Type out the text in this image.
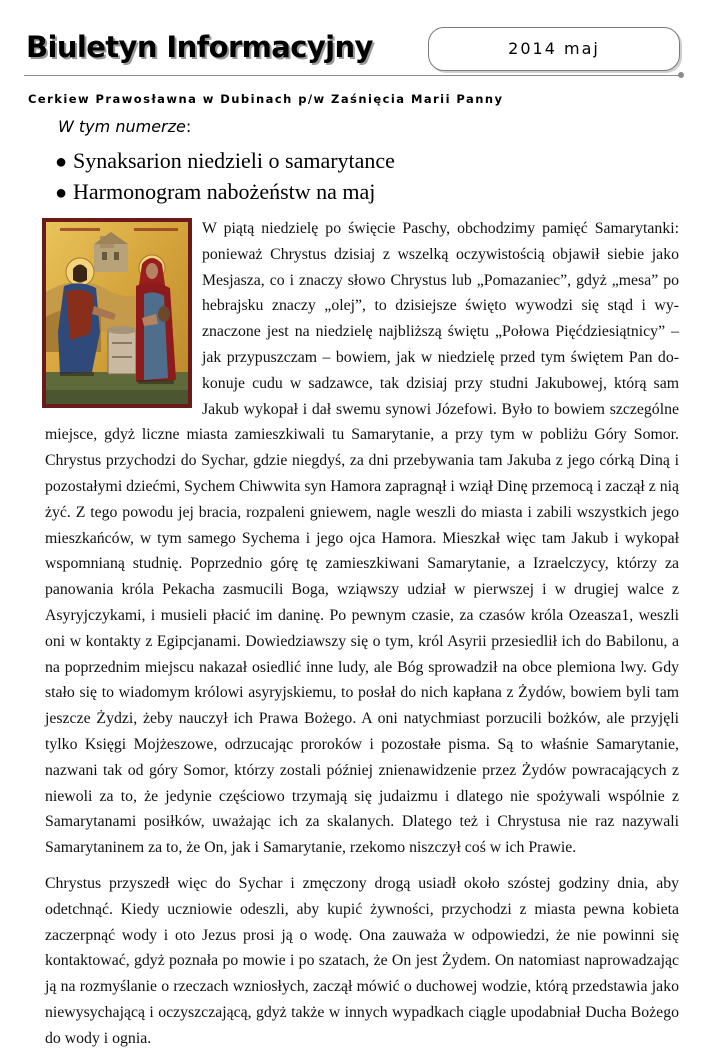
Biuletyn Informacyjny	2014 maj
Cerkiew Prawosławna w Dubinach p/w Zaśnięcia Marii Panny
W tym numerze:
● Synaksarion niedzieli o samarytance
● Harmonogram nabożeństw na maj

W piątą niedzielę po święcie Paschy, obchodzimy pamięć Samarytanki: ponieważ Chrystus dzisiaj z wszelką oczywistością objawił siebie jako Mesjasza, co i znaczy słowo Chrystus lub „Pomazaniec”, gdyż „mesa” po hebrajsku znaczy „olej”, to dzisiejsze święto wywodzi się stąd i wyznaczone jest na niedzielę najbliższą świętu „Połowa Pięćdziesiątnicy” – jak przypuszczam – bowiem, jak w niedzielę przed tym świętem Pan dokonuje cudu w sadzawce, tak dzisiaj przy studni Jakubowej, którą sam Jakub wykopał i dał swemu synowi Józefowi. Było to bowiem szczególne miejsce, gdyż liczne miasta zamieszkiwali tu Samarytanie, a przy tym w pobliżu Góry Somor. Chrystus przychodzi do Sychar, gdzie niegdyś, za dni przebywania tam Jakuba z jego córką Diną i pozostałymi dziećmi, Sychem Chiwwita syn Hamora zapragnął i wziął Dinę przemocą i zaczął z nią żyć. Z tego powodu jej bracia, rozpaleni gniewem, nagle weszli do miasta i zabili wszystkich jego mieszkańców, w tym samego Sychema i jego ojca Hamora. Mieszkał więc tam Jakub i wykopał wspomnianą studnię. Poprzednio górę tę zamieszkiwani Samarytanie, a Izraelczycy, którzy za panowania króla Pekacha zasmucili Boga, wziąwszy udział w pierwszej i w drugiej walce z Asyryjczykami, i musieli płacić im daninę. Po pewnym czasie, za czasów króla Ozeasza1, weszli oni w kontakty z Egipcjanami. Dowiedziawszy się o tym, król Asyrii przesiedlił ich do Babilonu, a na poprzednim miejscu nakazał osiedlić inne ludy, ale Bóg sprowadził na obce plemiona lwy. Gdy stało się to wiadomym królowi asyryjskiemu, to posłał do nich kapłana z Żydów, bowiem byli tam jeszcze Żydzi, żeby nauczył ich Prawa Bożego. A oni natychmiast porzucili bożków, ale przyjęli tylko Księgi Mojżeszowe, odrzucając proroków i pozostałe pisma. Są to właśnie Samarytanie, nazwani tak od góry Somor, którzy zostali później znienawidzenie przez Żydów powracających z niewoli za to, że jedynie częściowo trzymają się judaizmu i dlatego nie spożywali wspólnie z Samarytanami posiłków, uważając ich za skalanych. Dlatego też i Chrystusa nie raz nazywali Samarytaninem za to, że On, jak i Samarytanie, rzekomo niszczył coś w ich Prawie.

Chrystus przyszedł więc do Sychar i zmęczony drogą usiadł około szóstej godziny dnia, aby odetchnąć. Kiedy uczniowie odeszli, aby kupić żywności, przychodzi z miasta pewna kobieta zaczerpnąć wody i oto Jezus prosi ją o wodę. Ona zauważa w odpowiedzi, że nie powinni się kontaktować, gdyż poznała po mowie i po szatach, że On jest Żydem. On natomiast naprowadzając ją na rozmyślanie o rzeczach wzniosłych, zaczął mówić o duchowej wodzie, którą przedstawia jako niewysychającą i oczyszczającą, gdyż także w innych wypadkach ciągle upodabniał Ducha Bożego do wody i ognia.
